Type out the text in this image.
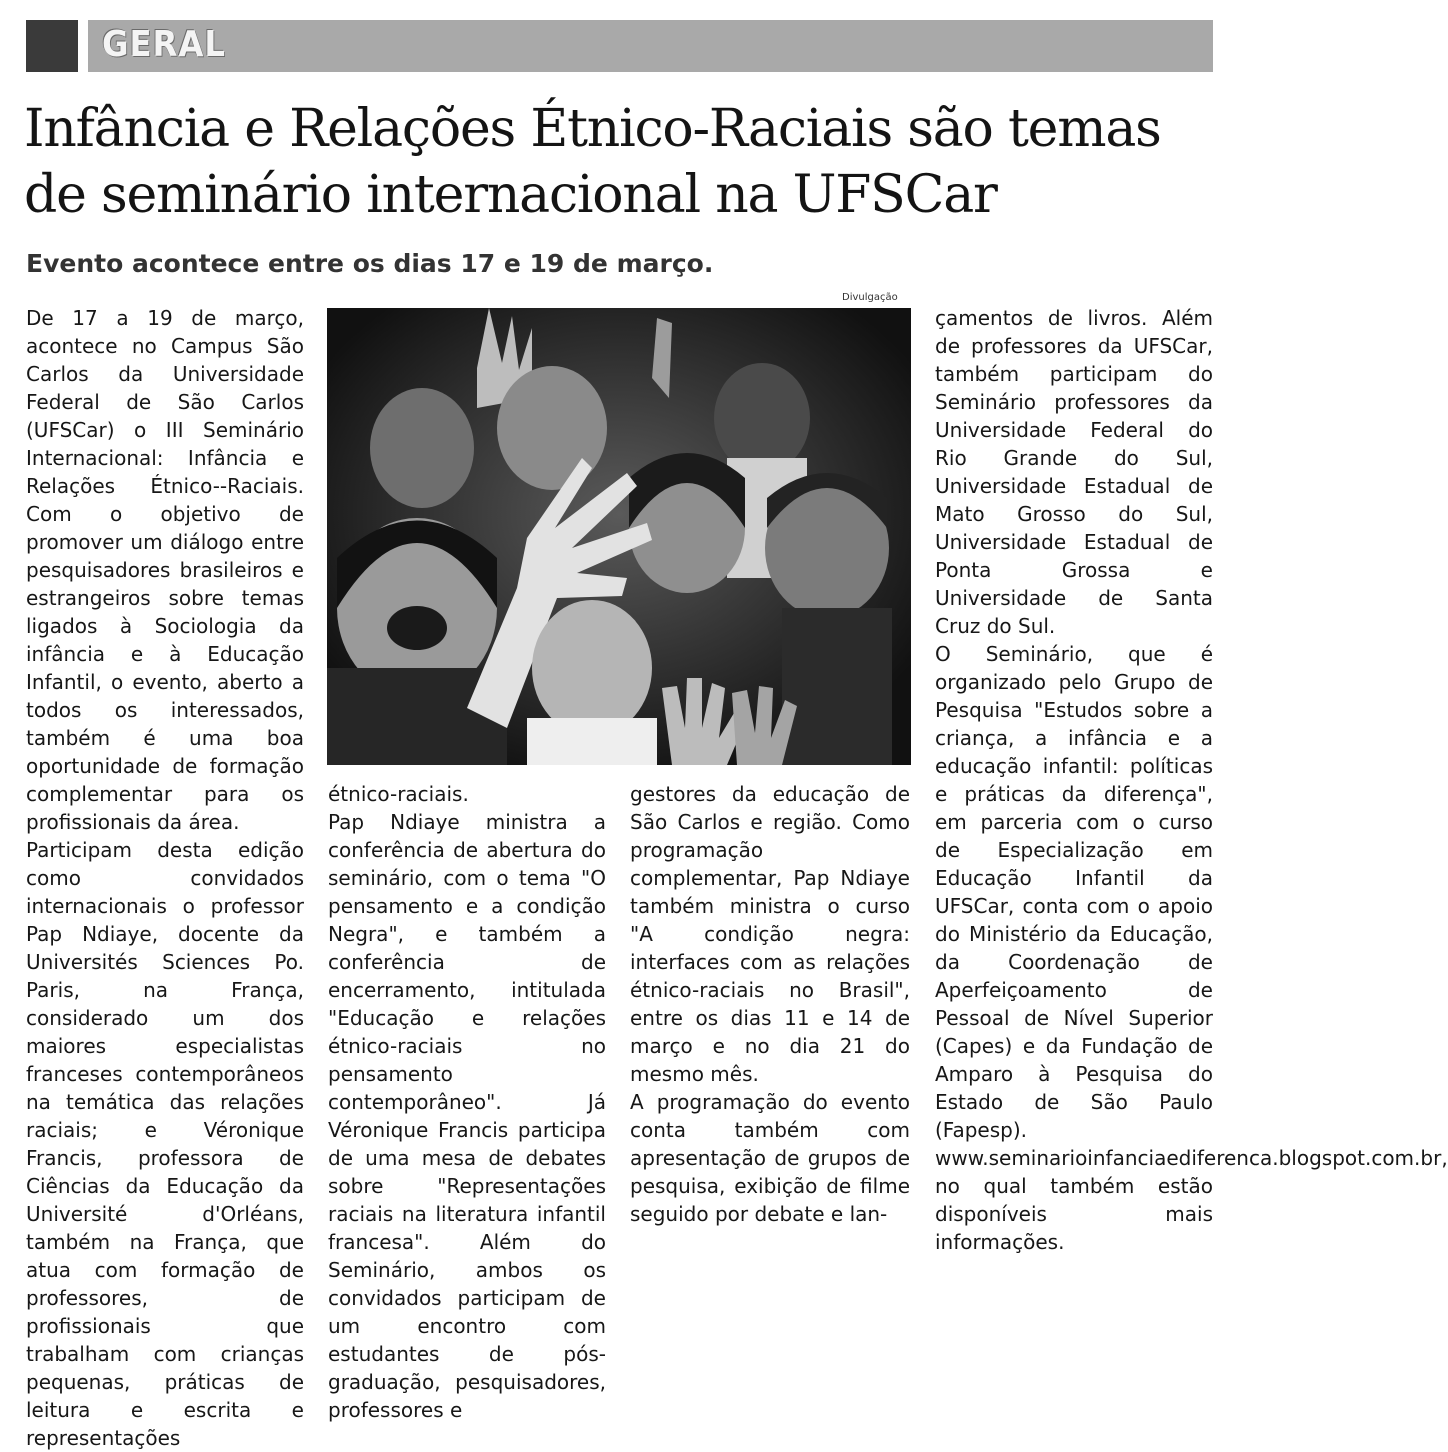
GERAL
Infância e Relações Étnico-Raciais são temas de seminário internacional na UFSCar
Evento acontece entre os dias 17 e 19 de março.

De 17 a 19 de março, acontece no Campus São Carlos da Universidade Federal de São Carlos (UFSCar) o III Seminário Internacional: Infância e Relações Étnico--Raciais. Com o objetivo de promover um diálogo entre pesquisadores brasileiros e estrangeiros sobre temas ligados à Sociologia da infância e à Educação Infantil, o evento, aberto a todos os interessados, também é uma boa oportunidade de formação complementar para os profissionais da área.

Participam desta edição como convidados internacionais o professor Pap Ndiaye, docente da Universités Sciences Po. Paris, na França, considerado um dos maiores especialistas franceses contemporâneos na temática das relações raciais; e Véronique Francis, professora de Ciências da Educação da Université d'Orléans, também na França, que atua com formação de professores, de profissionais que trabalham com crianças pequenas, práticas de leitura e escrita e representações

Divulgação

étnico-raciais.

Pap Ndiaye ministra a conferência de abertura do seminário, com o tema "O pensamento e a condição Negra", e também a conferência de encerramento, intitulada "Educação e relações étnico-raciais no pensamento contemporâneo". Já Véronique Francis participa de uma mesa de debates sobre "Representações raciais na literatura infantil francesa". Além do Seminário, ambos os convidados participam de um encontro com estudantes de pós-graduação, pesquisadores, professores e

gestores da educação de São Carlos e região. Como programação complementar, Pap Ndiaye também ministra o curso "A condição negra: interfaces com as relações étnico-raciais no Brasil", entre os dias 11 e 14 de março e no dia 21 do mesmo mês.

A programação do evento conta também com apresentação de grupos de pesquisa, exibição de filme seguido por debate e lan-

çamentos de livros. Além de professores da UFSCar, também participam do Seminário professores da Universidade Federal do Rio Grande do Sul, Universidade Estadual de Mato Grosso do Sul, Universidade Estadual de Ponta Grossa e Universidade de Santa Cruz do Sul.

O Seminário, que é organizado pelo Grupo de Pesquisa "Estudos sobre a criança, a infância e a educação infantil: políticas e práticas da diferença", em parceria com o curso de Especialização em Educação Infantil da UFSCar, conta com o apoio do Ministério da Educação, da Coordenação de Aperfeiçoamento de Pessoal de Nível Superior (Capes) e da Fundação de Amparo à Pesquisa do Estado de São Paulo (Fapesp). www.seminarioinfanciaediferenca.blogspot.com.br, no qual também estão disponíveis mais informações.
